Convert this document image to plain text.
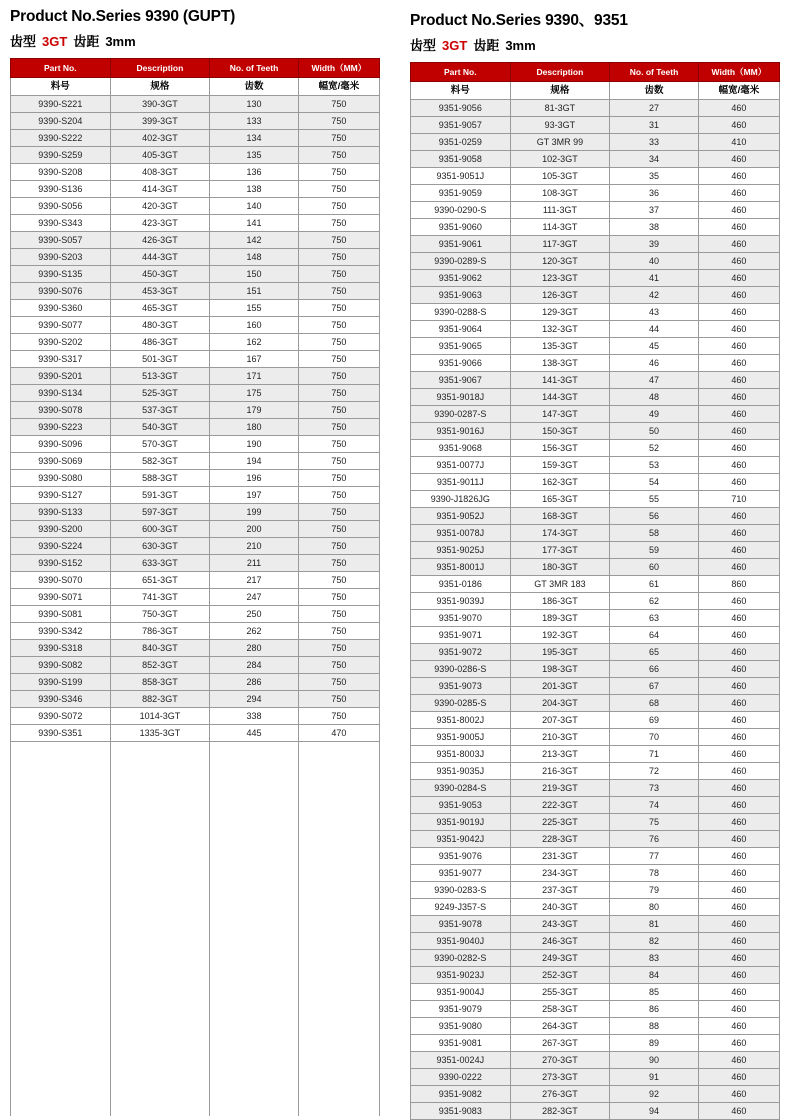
Product No.Series 9390 (GUPT)
齿型 3GT 齿距 3mm
Part No.	Description	No. of Teeth	Width（MM）
料号	规格	齿数	幅宽/毫米
9390-S221	390-3GT	130	750
9390-S204	399-3GT	133	750
9390-S222	402-3GT	134	750
9390-S259	405-3GT	135	750
9390-S208	408-3GT	136	750
9390-S136	414-3GT	138	750
9390-S056	420-3GT	140	750
9390-S343	423-3GT	141	750
9390-S057	426-3GT	142	750
9390-S203	444-3GT	148	750
9390-S135	450-3GT	150	750
9390-S076	453-3GT	151	750
9390-S360	465-3GT	155	750
9390-S077	480-3GT	160	750
9390-S202	486-3GT	162	750
9390-S317	501-3GT	167	750
9390-S201	513-3GT	171	750
9390-S134	525-3GT	175	750
9390-S078	537-3GT	179	750
9390-S223	540-3GT	180	750
9390-S096	570-3GT	190	750
9390-S069	582-3GT	194	750
9390-S080	588-3GT	196	750
9390-S127	591-3GT	197	750
9390-S133	597-3GT	199	750
9390-S200	600-3GT	200	750
9390-S224	630-3GT	210	750
9390-S152	633-3GT	211	750
9390-S070	651-3GT	217	750
9390-S071	741-3GT	247	750
9390-S081	750-3GT	250	750
9390-S342	786-3GT	262	750
9390-S318	840-3GT	280	750
9390-S082	852-3GT	284	750
9390-S199	858-3GT	286	750
9390-S346	882-3GT	294	750
9390-S072	1014-3GT	338	750
9390-S351	1335-3GT	445	470

Product No.Series 9390、9351
齿型 3GT 齿距 3mm
Part No.	Description	No. of Teeth	Width（MM）
料号	规格	齿数	幅宽/毫米
9351-9056	81-3GT	27	460
9351-9057	93-3GT	31	460
9351-0259	GT 3MR 99	33	410
9351-9058	102-3GT	34	460
9351-9051J	105-3GT	35	460
9351-9059	108-3GT	36	460
9390-0290-S	111-3GT	37	460
9351-9060	114-3GT	38	460
9351-9061	117-3GT	39	460
9390-0289-S	120-3GT	40	460
9351-9062	123-3GT	41	460
9351-9063	126-3GT	42	460
9390-0288-S	129-3GT	43	460
9351-9064	132-3GT	44	460
9351-9065	135-3GT	45	460
9351-9066	138-3GT	46	460
9351-9067	141-3GT	47	460
9351-9018J	144-3GT	48	460
9390-0287-S	147-3GT	49	460
9351-9016J	150-3GT	50	460
9351-9068	156-3GT	52	460
9351-0077J	159-3GT	53	460
9351-9011J	162-3GT	54	460
9390-J1826JG	165-3GT	55	710
9351-9052J	168-3GT	56	460
9351-0078J	174-3GT	58	460
9351-9025J	177-3GT	59	460
9351-8001J	180-3GT	60	460
9351-0186	GT 3MR 183	61	860
9351-9039J	186-3GT	62	460
9351-9070	189-3GT	63	460
9351-9071	192-3GT	64	460
9351-9072	195-3GT	65	460
9390-0286-S	198-3GT	66	460
9351-9073	201-3GT	67	460
9390-0285-S	204-3GT	68	460
9351-8002J	207-3GT	69	460
9351-9005J	210-3GT	70	460
9351-8003J	213-3GT	71	460
9351-9035J	216-3GT	72	460
9390-0284-S	219-3GT	73	460
9351-9053	222-3GT	74	460
9351-9019J	225-3GT	75	460
9351-9042J	228-3GT	76	460
9351-9076	231-3GT	77	460
9351-9077	234-3GT	78	460
9390-0283-S	237-3GT	79	460
9249-J357-S	240-3GT	80	460
9351-9078	243-3GT	81	460
9351-9040J	246-3GT	82	460
9390-0282-S	249-3GT	83	460
9351-9023J	252-3GT	84	460
9351-9004J	255-3GT	85	460
9351-9079	258-3GT	86	460
9351-9080	264-3GT	88	460
9351-9081	267-3GT	89	460
9351-0024J	270-3GT	90	460
9390-0222	273-3GT	91	460
9351-9082	276-3GT	92	460
9351-9083	282-3GT	94	460
